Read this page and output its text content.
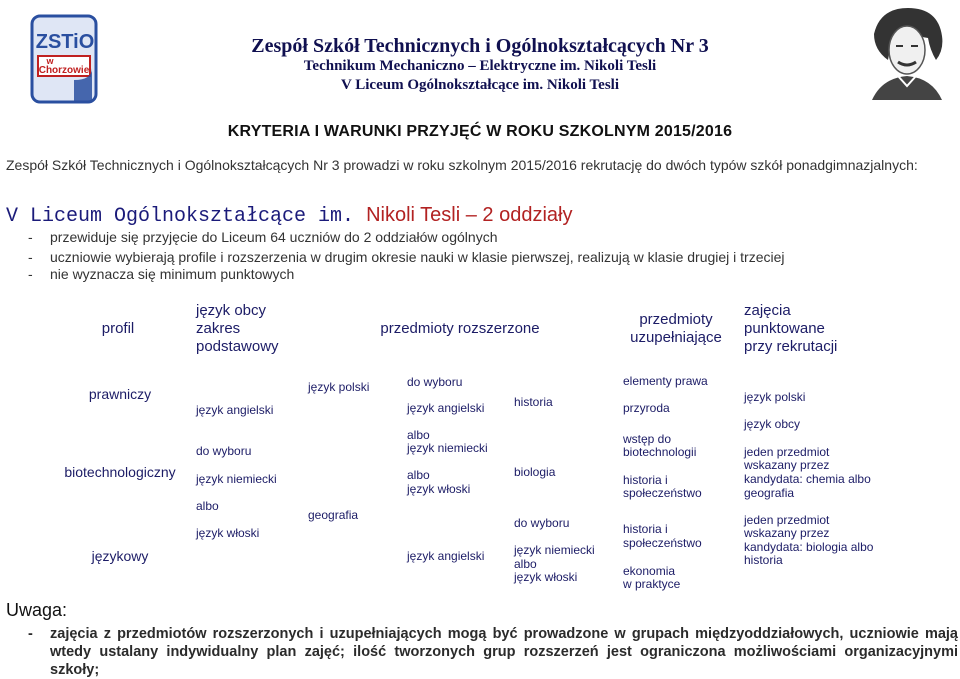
ZSTiO
w
Chorzowie
Zespół Szkół Technicznych i Ogólnokształcących Nr 3
Technikum Mechaniczno – Elektryczne im. Nikoli Tesli
V Liceum Ogólnokształcące im. Nikoli Tesli
KRYTERIA I WARUNKI PRZYJĘĆ W ROKU SZKOLNYM 2015/2016
Zespół Szkół Technicznych i Ogólnokształcących Nr 3 prowadzi w roku szkolnym 2015/2016 rekrutację do dwóch typów szkół ponadgimnazjalnych:
V Liceum Ogólnokształcące im. Nikoli Tesli – 2 oddziały
- przewiduje się przyjęcie do Liceum 64 uczniów do 2 oddziałów ogólnych
- uczniowie wybierają profile i rozszerzenia w drugim okresie nauki w klasie pierwszej, realizują w klasie drugiej i trzeciej
- nie wyznacza się minimum punktowych
profil
język obcy
zakres
podstawowy
przedmioty rozszerzone
przedmioty
uzupełniające
zajęcia
punktowane
przy rekrutacji
prawniczy
biotechnologiczny
językowy
język angielski
do wyboru
język niemiecki
albo
język włoski
język polski
geografia
do wyboru
język angielski
albo
język niemiecki
albo
język włoski
język angielski
historia
biologia
do wyboru
język niemiecki
albo
język włoski
elementy prawa
przyroda
wstęp do
biotechnologii
historia i
społeczeństwo
historia i
społeczeństwo
ekonomia
w praktyce
język polski
język obcy
jeden przedmiot
wskazany przez
kandydata: chemia albo
geografia
jeden przedmiot
wskazany przez
kandydata: biologia albo
historia
Uwaga:
- zajęcia z przedmiotów rozszerzonych i uzupełniających mogą być prowadzone w grupach międzyoddziałowych, uczniowie mają wtedy ustalany indywidualny plan zajęć; ilość tworzonych grup rozszerzeń jest ograniczona możliwościami organizacyjnymi szkoły;
